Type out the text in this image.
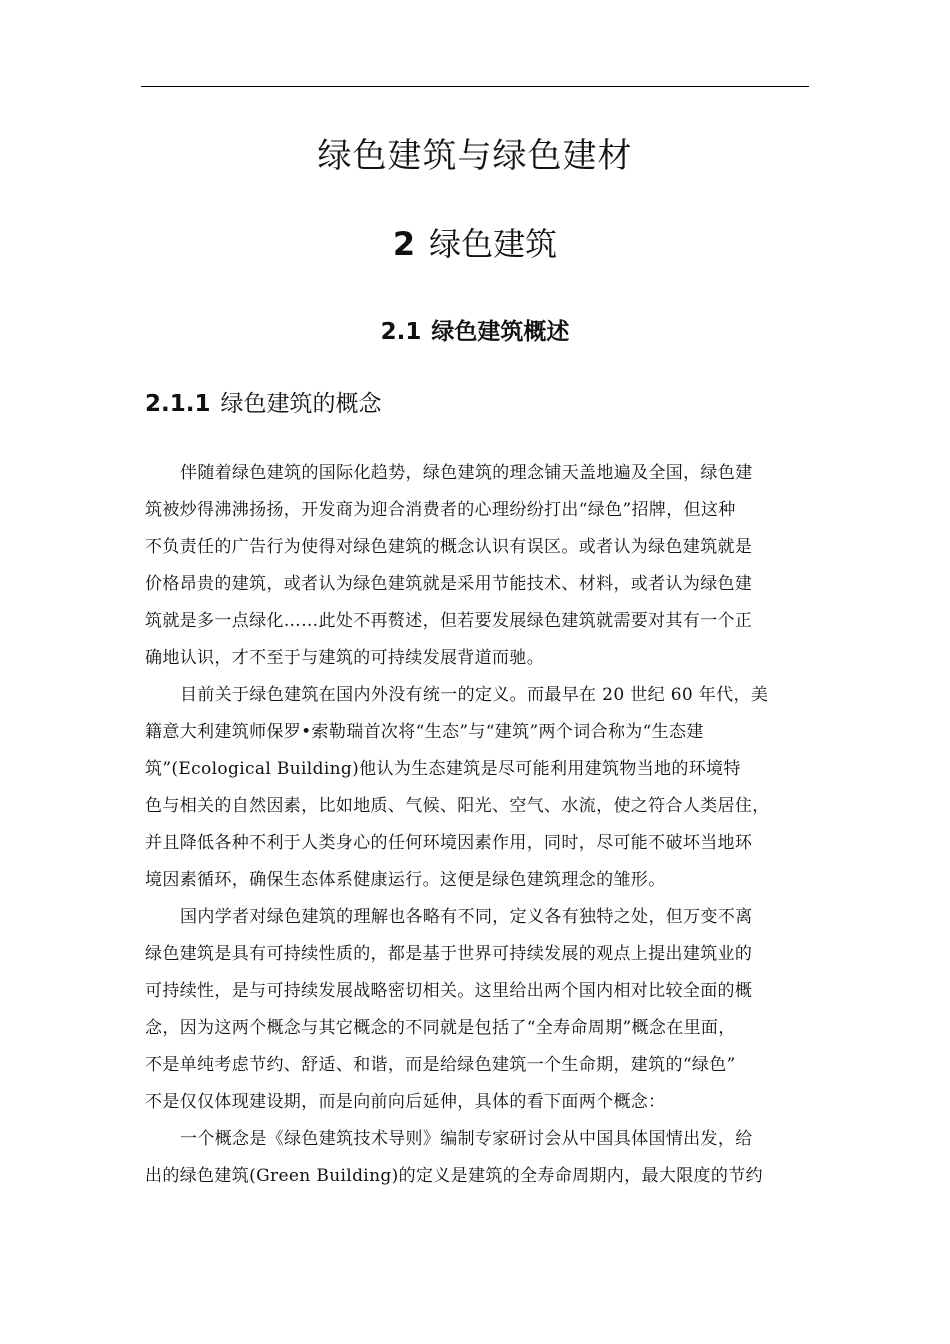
绿色建筑与绿色建材
2 绿色建筑
2.1 绿色建筑概述
2.1.1 绿色建筑的概念
伴随着绿色建筑的国际化趋势，绿色建筑的理念铺天盖地遍及全国，绿色建
筑被炒得沸沸扬扬，开发商为迎合消费者的心理纷纷打出“绿色”招牌，但这种
不负责任的广告行为使得对绿色建筑的概念认识有误区。或者认为绿色建筑就是
价格昂贵的建筑，或者认为绿色建筑就是采用节能技术、材料，或者认为绿色建
筑就是多一点绿化……此处不再赘述，但若要发展绿色建筑就需要对其有一个正
确地认识，才不至于与建筑的可持续发展背道而驰。
目前关于绿色建筑在国内外没有统一的定义。而最早在 20 世纪 60 年代，美
籍意大利建筑师保罗•索勒瑞首次将“生态”与“建筑”两个词合称为“生态建
筑”(Ecological Building)他认为生态建筑是尽可能利用建筑物当地的环境特
色与相关的自然因素，比如地质、气候、阳光、空气、水流，使之符合人类居住，
并且降低各种不利于人类身心的任何环境因素作用，同时，尽可能不破坏当地环
境因素循环，确保生态体系健康运行。这便是绿色建筑理念的雏形。
国内学者对绿色建筑的理解也各略有不同，定义各有独特之处，但万变不离
绿色建筑是具有可持续性质的，都是基于世界可持续发展的观点上提出建筑业的
可持续性，是与可持续发展战略密切相关。这里给出两个国内相对比较全面的概
念，因为这两个概念与其它概念的不同就是包括了“全寿命周期”概念在里面，
不是单纯考虑节约、舒适、和谐，而是给绿色建筑一个生命期，建筑的“绿色”
不是仅仅体现建设期，而是向前向后延伸，具体的看下面两个概念：
一个概念是《绿色建筑技术导则》编制专家研讨会从中国具体国情出发，给
出的绿色建筑(Green Building)的定义是建筑的全寿命周期内，最大限度的节约
